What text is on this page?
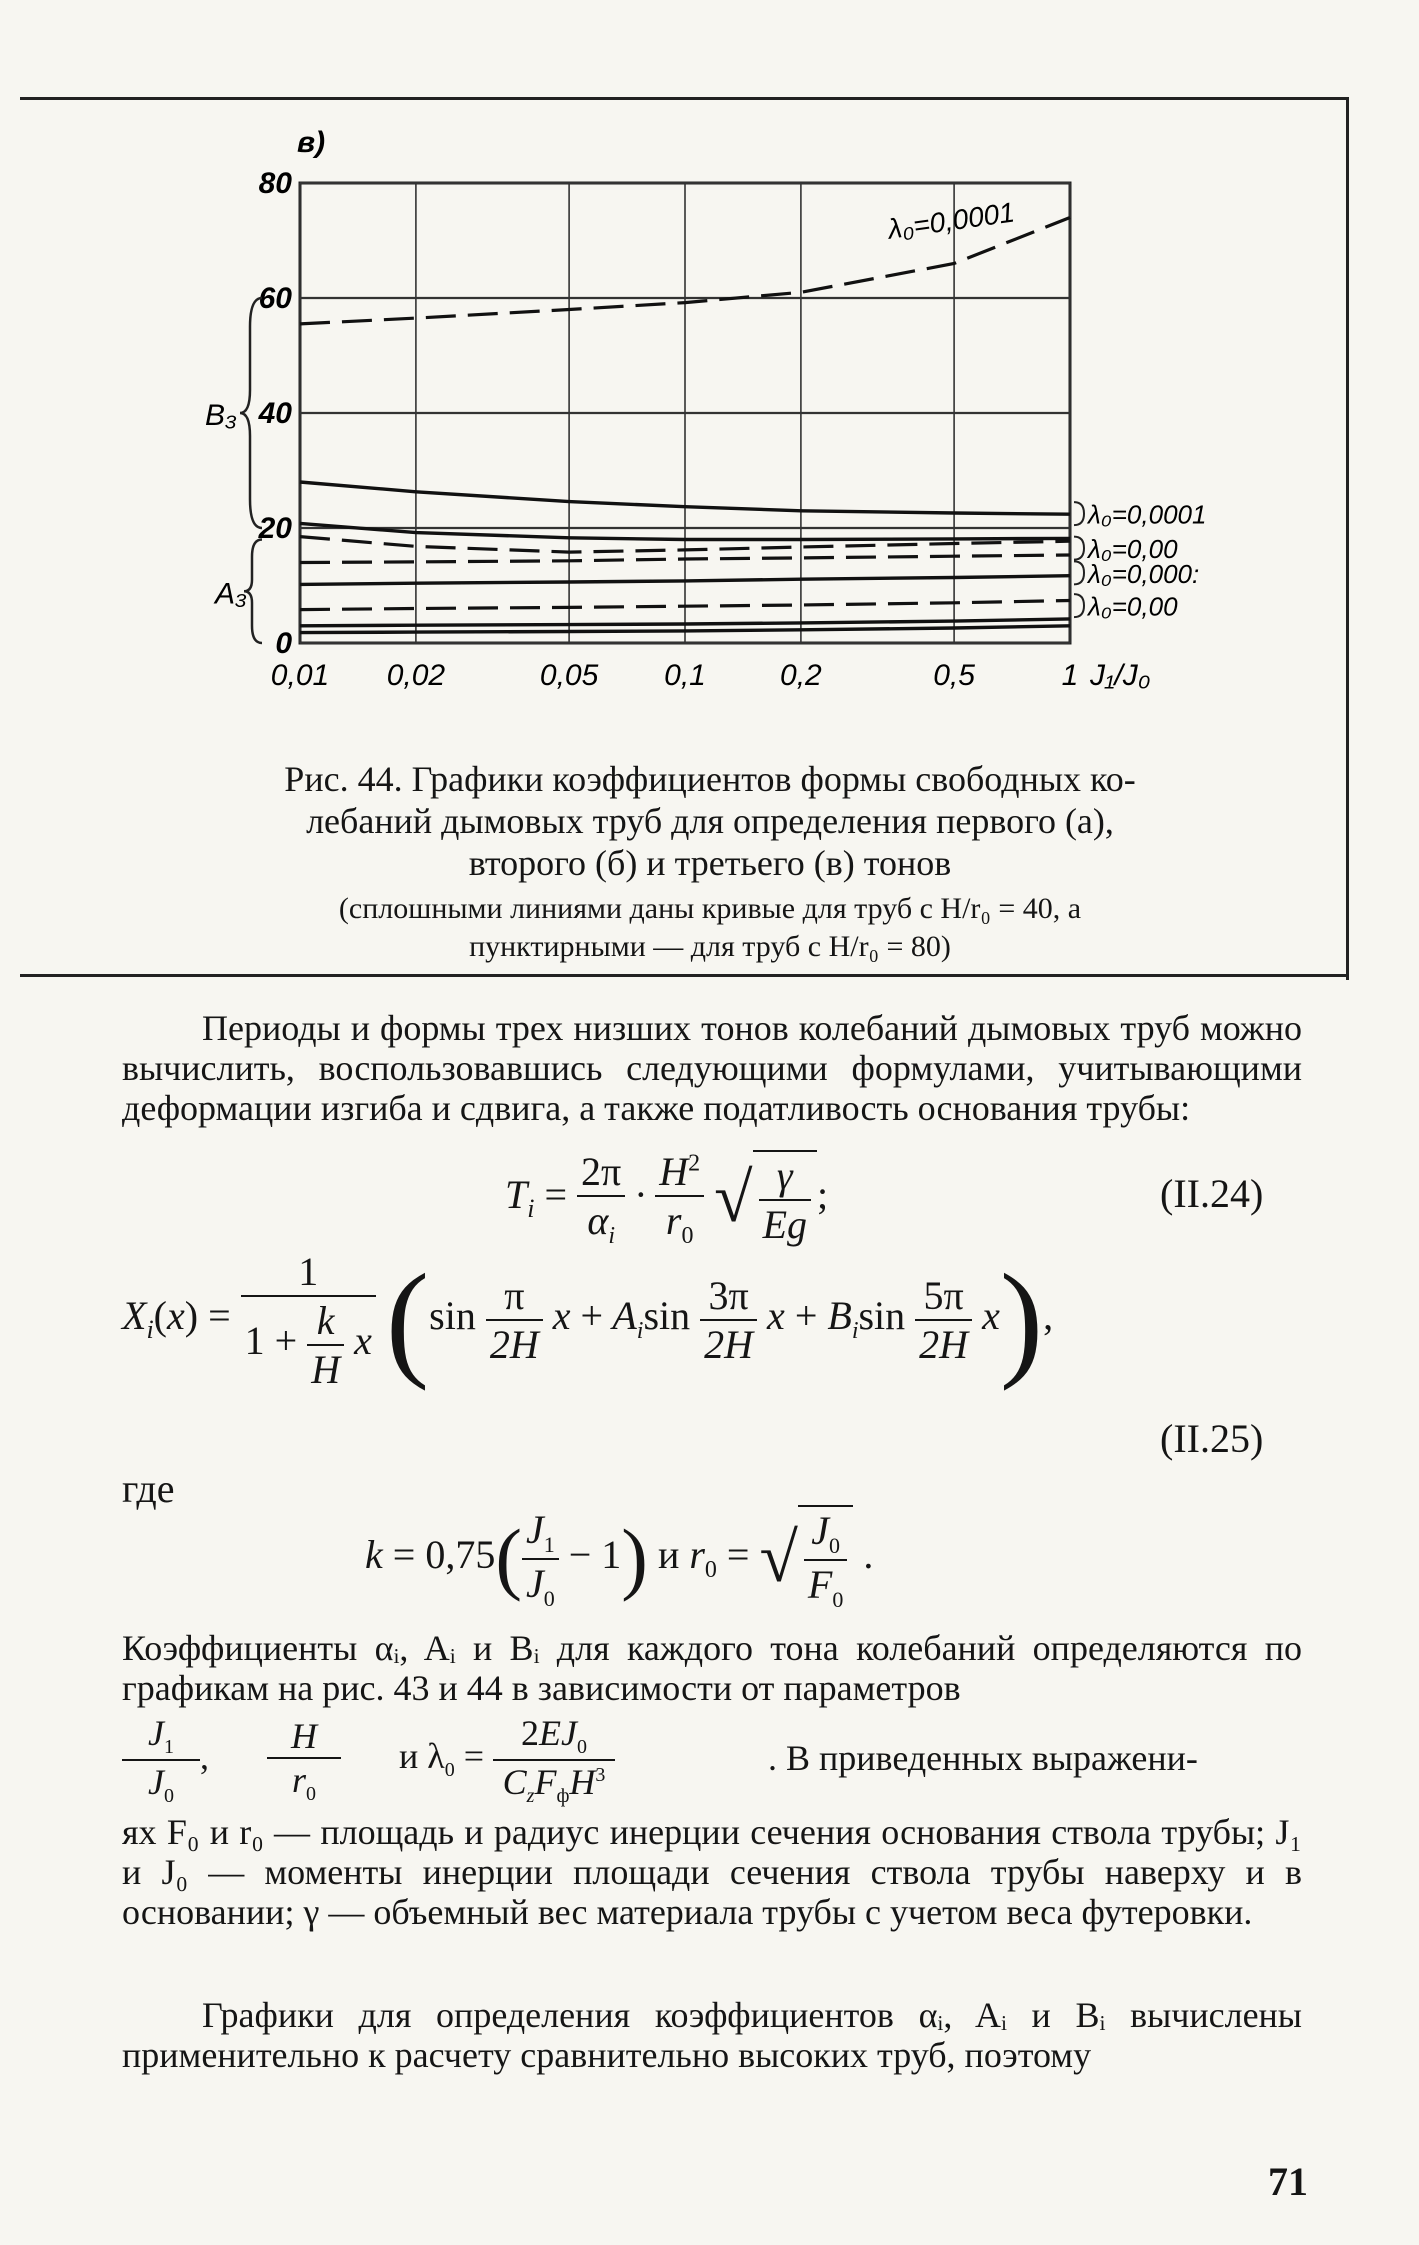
80
60
40
20
0
0,01 0,02	0,05 0,1 0,2	0,5	1 J₁/J₀
в)
B₃
A₃
λ₀=0,0001
λ₀=0,0001
λ₀=0,00
λ₀=0,000:
λ₀=0,00
Рис. 44. Графики коэффициентов формы свободных ко-
лебаний дымовых труб для определения первого (а),
второго (б) и третьего (в) тонов
(сплошными линиями даны кривые для труб с H/r₀ = 40, а
пунктирными — для труб с H/r₀ = 80)
Периоды и формы трех низших тонов колебаний дымовых труб можно вычислить, воспользовавшись следующими формулами, учитывающими деформации изгиба и сдвига, а также податливость основания трубы:
$T_i = \frac{2\pi}{\alpha_i} \cdot \frac{H^2}{r_0}$ √ $\frac{\gamma}{Eg}$ ;	(II.24)
$X_i(x) = \frac{1}{1 + \frac{k}{H} x} (\sin \frac{\pi}{2H}$ $x + A_i\sin \frac{3\pi}{2H}$ $x + B_i\sin \frac{5\pi}{2H} x$),
(II.25)
где
$k = 0,75( \frac{J_1}{J_0} - 1)$ и $r_0$ = √ $\frac{J_0}{F_0}$ .
Коэффициенты αᵢ, Aᵢ и Bᵢ для каждого тона колебаний определяются по графикам на рис. 43 и 44 в зависимости от параметров
$\frac{J_1}{J_0}$ , $\frac{H}{r_0}$ и $\lambda_0 = \frac{2EJ_0}{C_zF_фH^3}$	. В приведенных выражени-
ях F₀ и r₀ — площадь и радиус инерции сечения основания ствола трубы; J₁ и J₀ — моменты инерции площади сечения ствола трубы наверху и в основании; γ — объемный вес материала трубы с учетом веса футеровки.
Графики для определения коэффициентов αᵢ, Aᵢ и Bᵢ вычислены применительно к расчету сравнительно высоких труб, поэтому
71
